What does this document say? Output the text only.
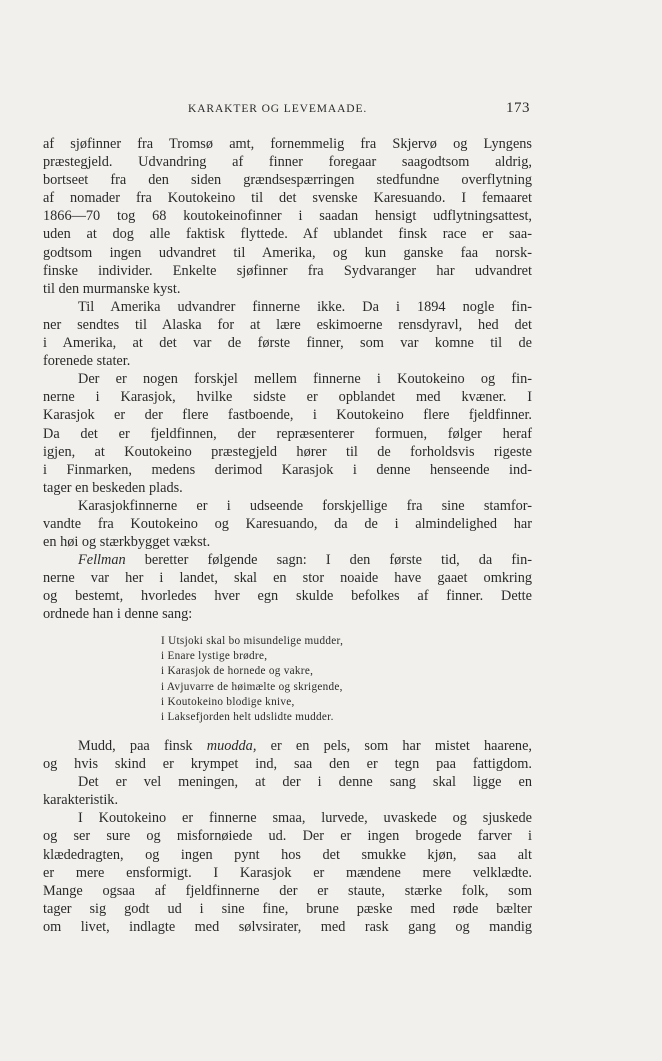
KARAKTER OG LEVEMAADE.	173
af sjøfinner fra Tromsø amt, fornemmelig fra Skjervø og Lyngens
præstegjeld. Udvandring af finner foregaar saagodtsom aldrig,
bortseet fra den siden grændsespærringen stedfundne overflytning
af nomader fra Koutokeino til det svenske Karesuando. I femaaret
1866—70 tog 68 koutokeinofinner i saadan hensigt udflytningsattest,
uden at dog alle faktisk flyttede. Af ublandet finsk race er saa-
godtsom ingen udvandret til Amerika, og kun ganske faa norsk-
finske individer. Enkelte sjøfinner fra Sydvaranger har udvandret
til den murmanske kyst.
Til Amerika udvandrer finnerne ikke. Da i 1894 nogle fin-
ner sendtes til Alaska for at lære eskimoerne rensdyravl, hed det
i Amerika, at det var de første finner, som var komne til de
forenede stater.
Der er nogen forskjel mellem finnerne i Koutokeino og fin-
nerne i Karasjok, hvilke sidste er opblandet med kvæner. I
Karasjok er der flere fastboende, i Koutokeino flere fjeldfinner.
Da det er fjeldfinnen, der repræsenterer formuen, følger heraf
igjen, at Koutokeino præstegjeld hører til de forholdsvis rigeste
i Finmarken, medens derimod Karasjok i denne henseende ind-
tager en beskeden plads.
Karasjokfinnerne er i udseende forskjellige fra sine stamfor-
vandte fra Koutokeino og Karesuando, da de i almindelighed har
en høi og stærkbygget vækst.
Fellman beretter følgende sagn: I den første tid, da fin-
nerne var her i landet, skal en stor noaide have gaaet omkring
og bestemt, hvorledes hver egn skulde befolkes af finner. Dette
ordnede han i denne sang:
I Utsjoki skal bo misundelige mudder,
i Enare lystige brødre,
i Karasjok de hornede og vakre,
i Avjuvarre de høimælte og skrigende,
i Koutokeino blodige knive,
i Laksefjorden helt udslidte mudder.
Mudd, paa finsk muodda, er en pels, som har mistet haarene,
og hvis skind er krympet ind, saa den er tegn paa fattigdom.
Det er vel meningen, at der i denne sang skal ligge en
karakteristik.
I Koutokeino er finnerne smaa, lurvede, uvaskede og sjuskede
og ser sure og misfornøiede ud. Der er ingen brogede farver i
klædedragten, og ingen pynt hos det smukke kjøn, saa alt
er mere ensformigt. I Karasjok er mændene mere velklædte.
Mange ogsaa af fjeldfinnerne der er staute, stærke folk, som
tager sig godt ud i sine fine, brune pæske med røde bælter
om livet, indlagte med sølvsirater, med rask gang og mandig
